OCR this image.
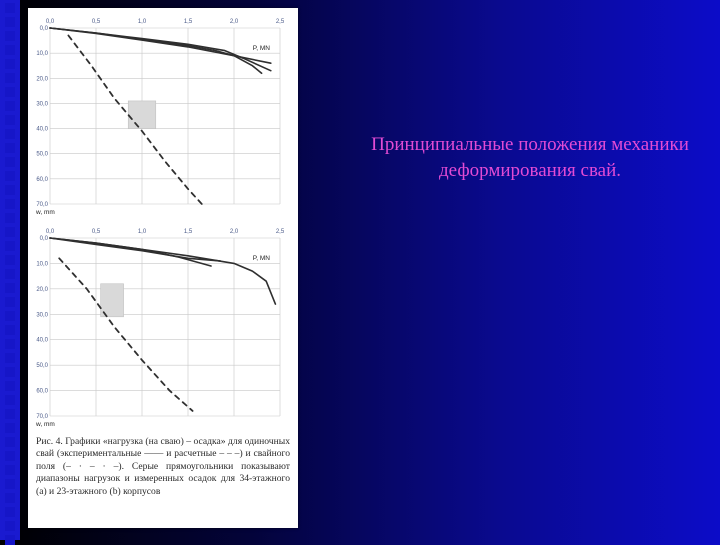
0,0	0,5	1,0	1,5	2,0	2,5
0,0
10,0
20,0
30,0
40,0
50,0
60,0
70,0
P, MN
w, mm
0,0	0,5	1,0	1,5	2,0	2,5
0,0
10,0
20,0
30,0
40,0
50,0
60,0
70,0
P, MN
w, mm
Рис. 4. Графики «нагрузка (на сваю) – осадка» для одиночных свай (экспериментальные —— и расчетные – – –) и свайного поля (– · – · –). Серые прямоугольники показывают диапазоны нагрузок и измеренных осадок для 34-этажного (а) и 23-этажного (b) корпусов
Принципиальные положения механики деформирования свай.
